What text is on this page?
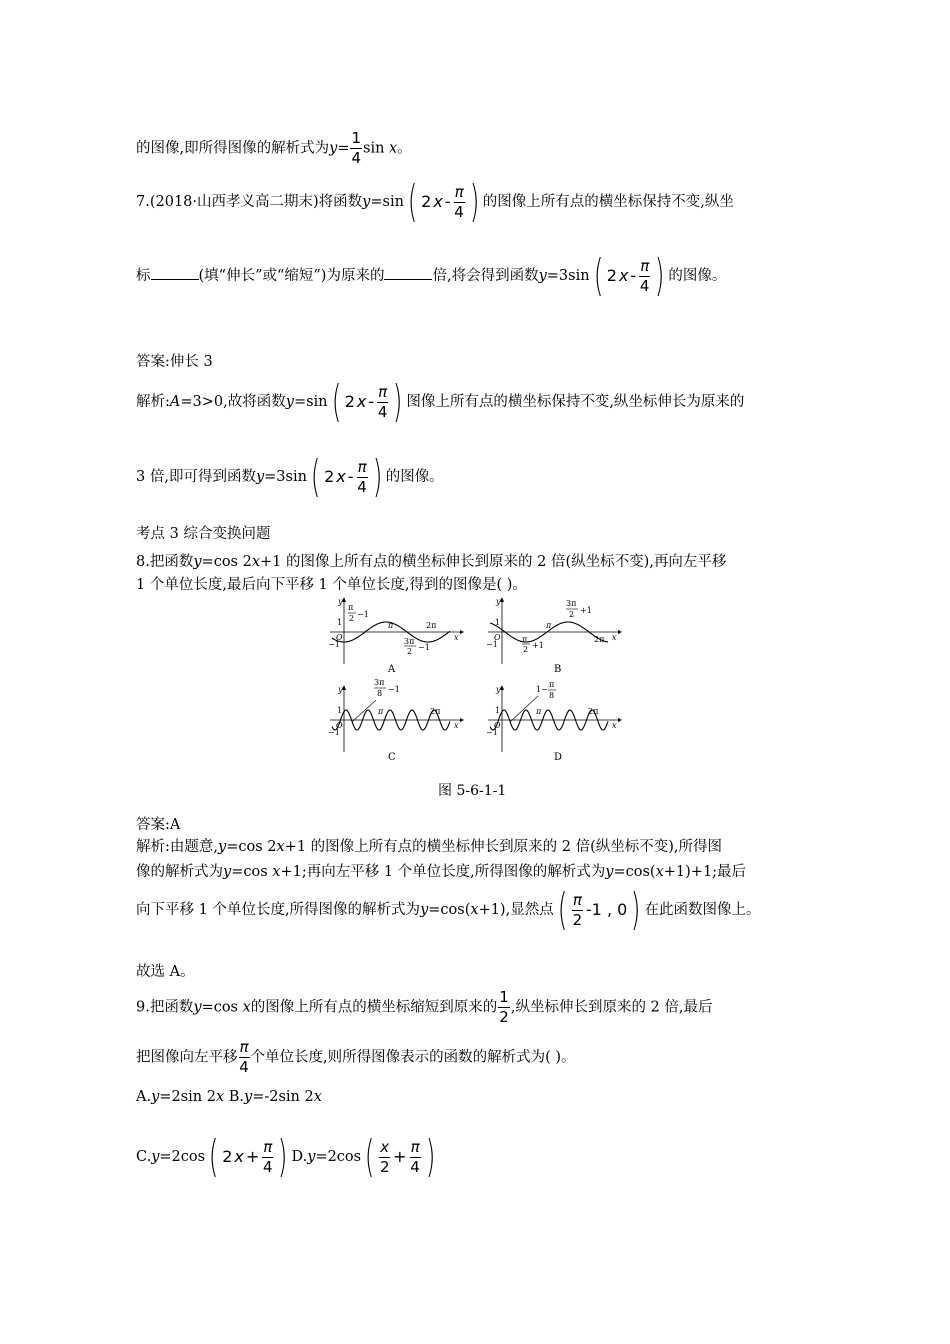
的图像,即所得图像的解析式为$y= \frac{1}{4}$ sin x。
7.(2018·山西孝义高二期末)将函数y=sin ( 2 x - $\frac{\pi}{4}$ ) 的图像上所有点的横坐标保持不变,纵坐
标	(填“伸长”或“缩短”)为原来的	倍,将会得到函数y=3sin ( 2 x - $\frac{\pi}{4}$ ) 的图像。
答案:伸长 3
解析:A=3>0,故将函数y=sin ( 2 x - $\frac{\pi}{4}$ ) 图像上所有点的横坐标保持不变,纵坐标伸长为原来的
3 倍,即可得到函数y=3sin ( 2 x - $\frac{\pi}{4}$ ) 的图像。
考点 3 综合变换问题
8.把函数y=cos 2x+1 的图像上所有点的横坐标伸长到原来的 2 倍(纵坐标不变),再向左平移
1 个单位长度,最后向下平移 1 个单位长度,得到的图像是( )。
y
1
O
−1
x
π	2π
π
2 −1
3π
2 −1
y
1
O
−1
x
π
2π
3π
2 +1
π
2 +1
y
1
O
−1
x
π	2π
3π
8 −1	y
1
O
−1
x
π	2π
1−
π
8
A	B
C	D
图 5-6-1-1
答案:A
解析:由题意,y=cos 2x+1 的图像上所有点的横坐标伸长到原来的 2 倍(纵坐标不变),所得图
像的解析式为y=cos x+1;再向左平移 1 个单位长度,所得图像的解析式为y=cos(x+1)+1;最后
向下平移 1 个单位长度,所得图像的解析式为y=cos(x+1),显然点 ( $\frac{\pi}{2} -1$ , 0 ) 在此函数图像上。
故选 A。
9.把函数y=cos x的图像上所有点的横坐标缩短到原来的 $\frac{1}{2}$ ,纵坐标伸长到原来的 2 倍,最后
把图像向左平移 $\frac{\pi}{4}$ 个单位长度,则所得图像表示的函数的解析式为( )。
A.y=2sin 2x B.y=-2sin 2x
C.y=2cos ( 2 $x + \frac{\pi}{4}$ ) D.y=2cos ( $\frac{x}{2} + \frac{\pi}{4}$ )
